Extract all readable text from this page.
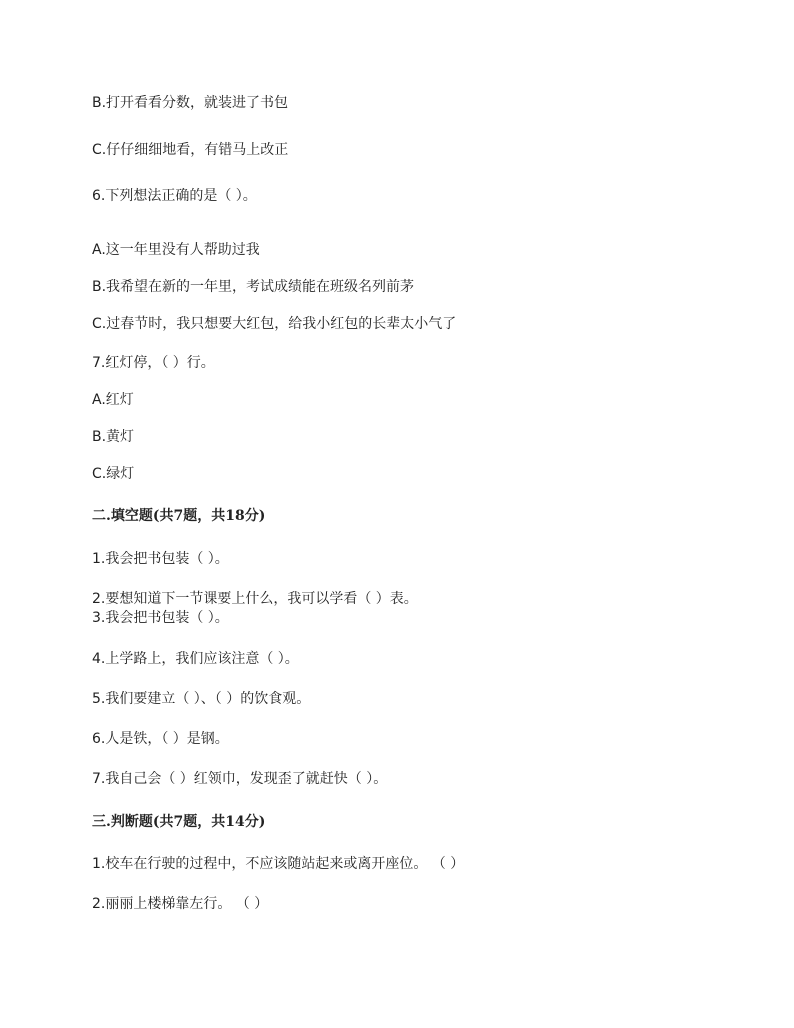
B.打开看看分数，就装进了书包
C.仔仔细细地看，有错马上改正
6.下列想法正确的是（ ）。
A.这一年里没有人帮助过我
B.我希望在新的一年里，考试成绩能在班级名列前茅
C.过春节时，我只想要大红包，给我小红包的长辈太小气了
7.红灯停，（ ）行。
A.红灯
B.黄灯
C.绿灯
二.填空题(共7题，共18分)
1.我会把书包装（ ）。
2.要想知道下一节课要上什么，我可以学看（ ）表。
3.我会把书包装（ ）。
4.上学路上，我们应该注意（ ）。
5.我们要建立（ ）、（ ）的饮食观。
6.人是铁，（ ）是钢。
7.我自己会（ ）红领巾，发现歪了就赶快（ ）。
三.判断题(共7题，共14分)
1.校车在行驶的过程中，不应该随站起来或离开座位。 （ ）
2.丽丽上楼梯靠左行。 （ ）
